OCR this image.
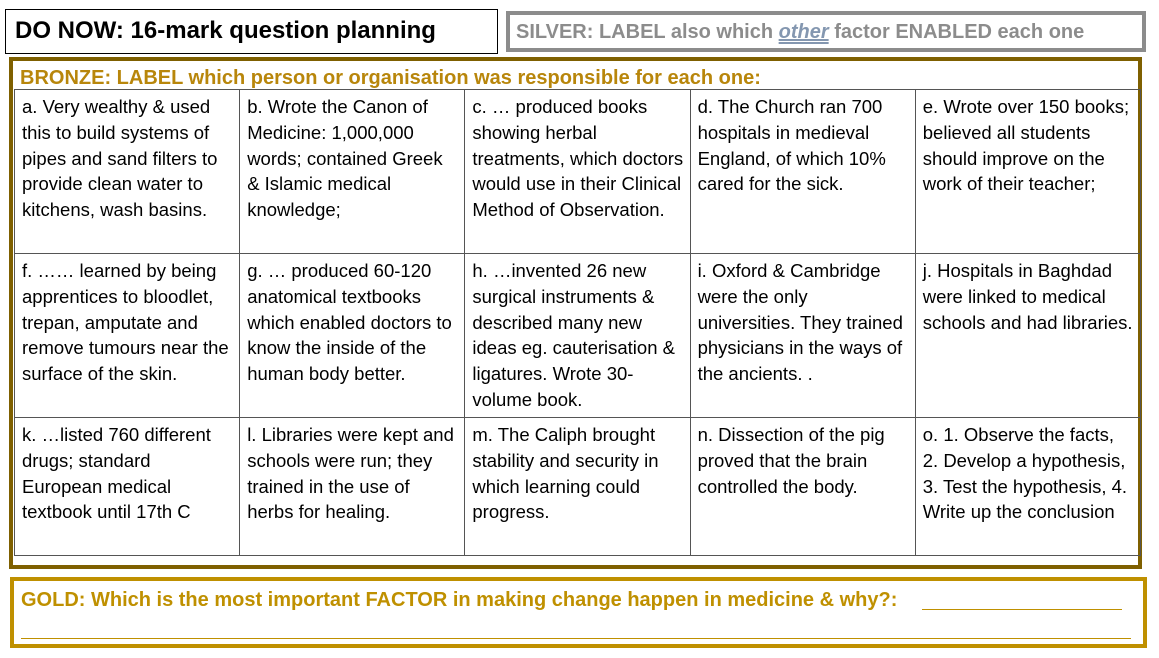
DO NOW: 16-mark question planning	SILVER: LABEL also which other factor ENABLED each one
BRONZE: LABEL which person or organisation was responsible for each one:
a. Very wealthy & used this to build systems of pipes and sand filters to provide clean water to kitchens, wash basins.	b. Wrote the Canon of Medicine: 1,000,000 words; contained Greek & Islamic medical knowledge;	c. … produced books showing herbal treatments, which doctors would use in their Clinical Method of Observation.	d. The Church ran 700 hospitals in medieval England, of which 10% cared for the sick.	e. Wrote over 150 books; believed all students should improve on the work of their teacher;
f. …… learned by being apprentices to bloodlet, trepan, amputate and remove tumours near the surface of the skin.	g. … produced 60-120 anatomical textbooks which enabled doctors to know the inside of the human body better.	h. …invented 26 new surgical instruments & described many new ideas eg. cauterisation & ligatures. Wrote 30-volume book.	i. Oxford & Cambridge were the only universities. They trained physicians in the ways of the ancients. .	j. Hospitals in Baghdad were linked to medical schools and had libraries.
k. …listed 760 different drugs; standard European medical textbook until 17th C	l. Libraries were kept and schools were run; they trained in the use of herbs for healing.	m. The Caliph brought stability and security in which learning could progress.	n. Dissection of the pig proved that the brain controlled the body.	o. 1. Observe the facts, 2. Develop a hypothesis, 3. Test the hypothesis, 4. Write up the conclusion
GOLD: Which is the most important FACTOR in making change happen in medicine & why?:
